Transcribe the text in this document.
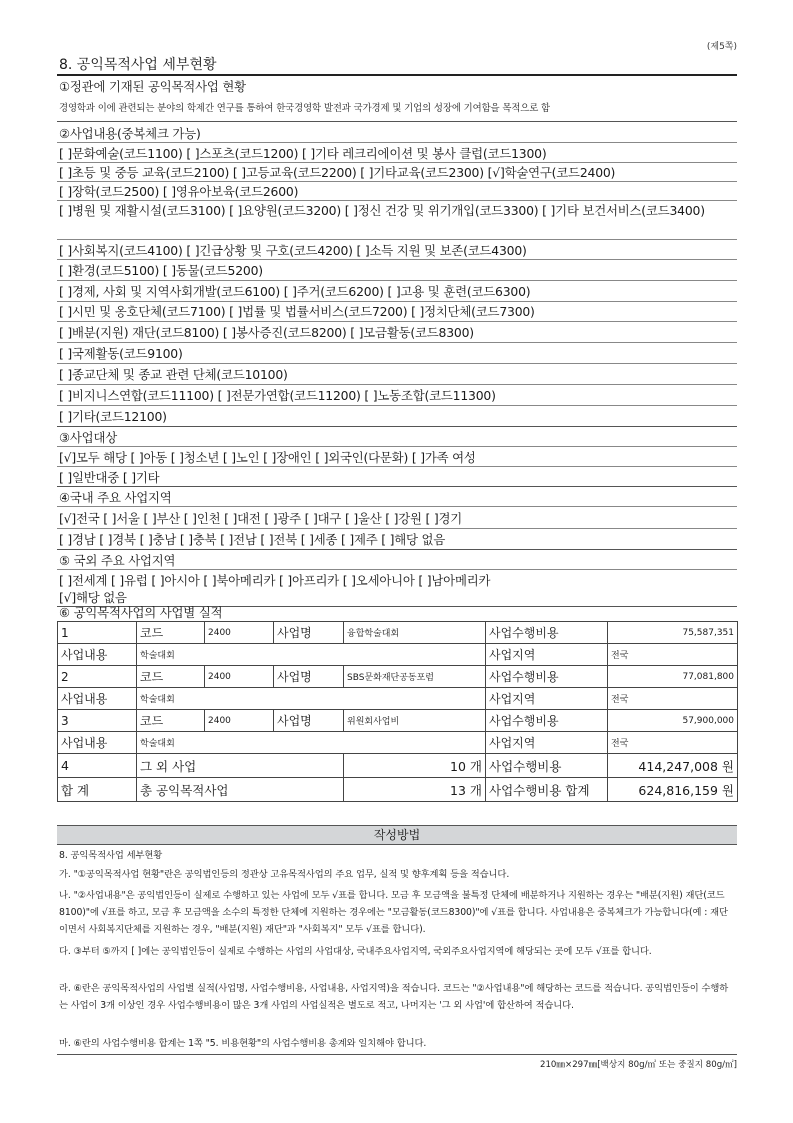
(제5쪽)
8. 공익목적사업 세부현황
①정관에 기재된 공익목적사업 현황
경영학과 이에 관련되는 분야의 학제간 연구를 통하여 한국경영학 발전과 국가경제 및 기업의 성장에 기여함을 목적으로 함
②사업내용(중복체크 가능)
[ ]문화예술(코드1100) [ ]스포츠(코드1200) [ ]기타 레크리에이션 및 봉사 클럽(코드1300)
[ ]초등 및 중등 교육(코드2100) [ ]고등교육(코드2200) [ ]기타교육(코드2300) [√]학술연구(코드2400)
[ ]장학(코드2500) [ ]영유아보육(코드2600)
[ ]병원 및 재활시설(코드3100) [ ]요양원(코드3200) [ ]정신 건강 및 위기개입(코드3300) [ ]기타 보건서비스(코드3400)
[ ]사회복지(코드4100) [ ]긴급상황 및 구호(코드4200) [ ]소득 지원 및 보존(코드4300)
[ ]환경(코드5100) [ ]동물(코드5200)
[ ]경제, 사회 및 지역사회개발(코드6100) [ ]주거(코드6200) [ ]고용 및 훈련(코드6300)
[ ]시민 및 옹호단체(코드7100) [ ]법률 및 법률서비스(코드7200) [ ]정치단체(코드7300)
[ ]배분(지원) 재단(코드8100) [ ]봉사증진(코드8200) [ ]모금활동(코드8300)
[ ]국제활동(코드9100)
[ ]종교단체 및 종교 관련 단체(코드10100)
[ ]비지니스연합(코드11100) [ ]전문가연합(코드11200) [ ]노동조합(코드11300)
[ ]기타(코드12100)
③사업대상
[√]모두 해당 [ ]아동 [ ]청소년 [ ]노인 [ ]장애인 [ ]외국인(다문화) [ ]가족 여성
[ ]일반대중 [ ]기타
④국내 주요 사업지역
[√]전국 [ ]서울 [ ]부산 [ ]인천 [ ]대전 [ ]광주 [ ]대구 [ ]울산 [ ]강원 [ ]경기
[ ]경남 [ ]경북 [ ]충남 [ ]충북 [ ]전남 [ ]전북 [ ]세종 [ ]제주 [ ]해당 없음
⑤ 국외 주요 사업지역
[ ]전세계 [ ]유럽 [ ]아시아 [ ]북아메리카 [ ]아프리카 [ ]오세아니아 [ ]남아메리카
[√]해당 없음
⑥ 공익목적사업의 사업별 실적
1	코드	2400	사업명	융합학술대회	사업수행비용	75,587,351
사업내용	학술대회				사업지역	전국
2	코드	2400	사업명	SBS문화재단공동포럼	사업수행비용	77,081,800
사업내용	학술대회				사업지역	전국
3	코드	2400	사업명	위원회사업비	사업수행비용	57,900,000
사업내용	학술대회				사업지역	전국
4	그 외 사업			10 개	사업수행비용	414,247,008 원
합 계	총 공익목적사업			13 개	사업수행비용 합계	624,816,159 원
작성방법
8. 공익목적사업 세부현황
가. "①공익목적사업 현황"란은 공익법인등의 정관상 고유목적사업의 주요 업무, 실적 및 향후계획 등을 적습니다.
나. "②사업내용"은 공익법인등이 실제로 수행하고 있는 사업에 모두 √표를 합니다. 모금 후 모금액을 불특정 단체에 배분하거나 지원하는 경우는 "배분(지원) 재단(코드8100)"에 √표를 하고, 모금 후 모금액을 소수의 특정한 단체에 지원하는 경우에는 "모금활동(코드8300)"에 √표를 합니다. 사업내용은 중복체크가 가능합니다(예 : 재단이면서 사회복지단체를 지원하는 경우, "배분(지원) 재단"과 "사회복지" 모두 √표를 합니다).
다. ③부터 ⑤까지 [ ]에는 공익법인등이 실제로 수행하는 사업의 사업대상, 국내주요사업지역, 국외주요사업지역에 해당되는 곳에 모두 √표를 합니다.
라. ⑥란은 공익목적사업의 사업별 실적(사업명, 사업수행비용, 사업내용, 사업지역)을 적습니다. 코드는 "②사업내용"에 해당하는 코드를 적습니다. 공익법인등이 수행하는 사업이 3개 이상인 경우 사업수행비용이 많은 3개 사업의 사업실적은 별도로 적고, 나머지는 '그 외 사업'에 합산하여 적습니다.
마. ⑥란의 사업수행비용 합계는 1쪽 "5. 비용현황"의 사업수행비용 총계와 일치해야 합니다.
210㎜×297㎜[백상지 80g/㎡ 또는 중질지 80g/㎡]
